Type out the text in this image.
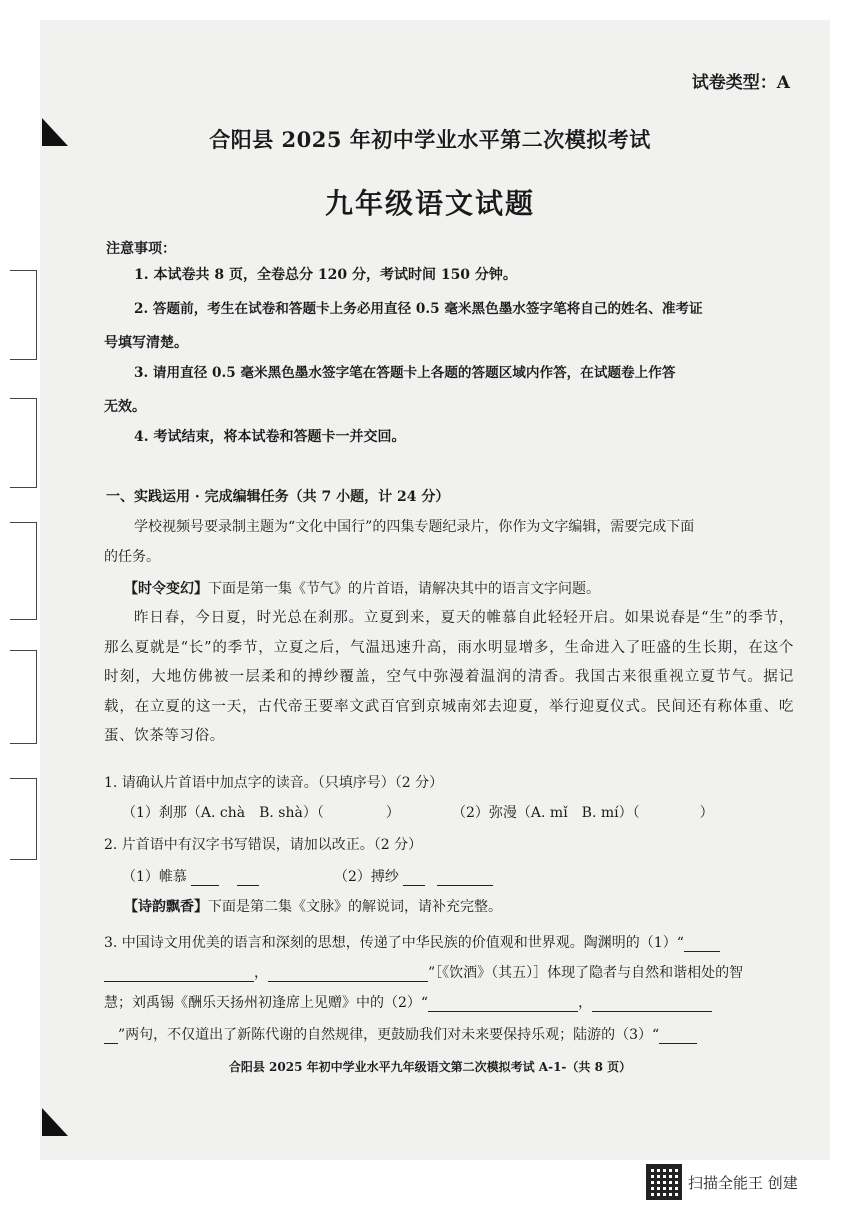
试卷类型：A
合阳县 2025 年初中学业水平第二次模拟考试
九年级语文试题
注意事项：
1. 本试卷共 8 页，全卷总分 120 分，考试时间 150 分钟。
2. 答题前，考生在试卷和答题卡上务必用直径 0.5 毫米黑色墨水签字笔将自己的姓名、准考证
号填写清楚。
3. 请用直径 0.5 毫米黑色墨水签字笔在答题卡上各题的答题区域内作答，在试题卷上作答
无效。
4. 考试结束，将本试卷和答题卡一并交回。
一、实践运用 · 完成编辑任务（共 7 小题，计 24 分）
学校视频号要录制主题为“文化中国行”的四集专题纪录片，你作为文字编辑，需要完成下面
的任务。
【时令变幻】下面是第一集《节气》的片首语，请解决其中的语言文字问题。
昨日春，今日夏，时光总在刹那。立夏到来，夏天的帷慕自此轻轻开启。如果说春是“生”的季节，那么夏就是“长”的季节，立夏之后，气温迅速升高，雨水明显增多，生命进入了旺盛的生长期，在这个时刻，大地仿佛被一层柔和的搏纱覆盖，空气中弥漫着温润的清香。我国古来很重视立夏节气。据记载，在立夏的这一天，古代帝王要率文武百官到京城南郊去迎夏，举行迎夏仪式。民间还有称体重、吃蛋、饮茶等习俗。
1. 请确认片首语中加点字的读音。（只填序号）（2 分）
（1）刹那（A. chà　B. shà）（	）	（2）弥漫（A. mǐ　B. mí）（	）
2. 片首语中有汉字书写错误，请加以改正。（2 分）
（1）帷慕	（2）搏纱
【诗韵飘香】下面是第二集《文脉》的解说词，请补充完整。
3. 中国诗文用优美的语言和深刻的思想，传递了中华民族的价值观和世界观。陶渊明的（1）“
，	”［《饮酒》（其五）］体现了隐者与自然和谐相处的智
慧；刘禹锡《酬乐天扬州初逢席上见赠》中的（2）“	，
”两句，不仅道出了新陈代谢的自然规律，更鼓励我们对未来要保持乐观；陆游的（3）“
合阳县 2025 年初中学业水平九年级语文第二次模拟考试 A-1-（共 8 页）
扫描全能王 创建
